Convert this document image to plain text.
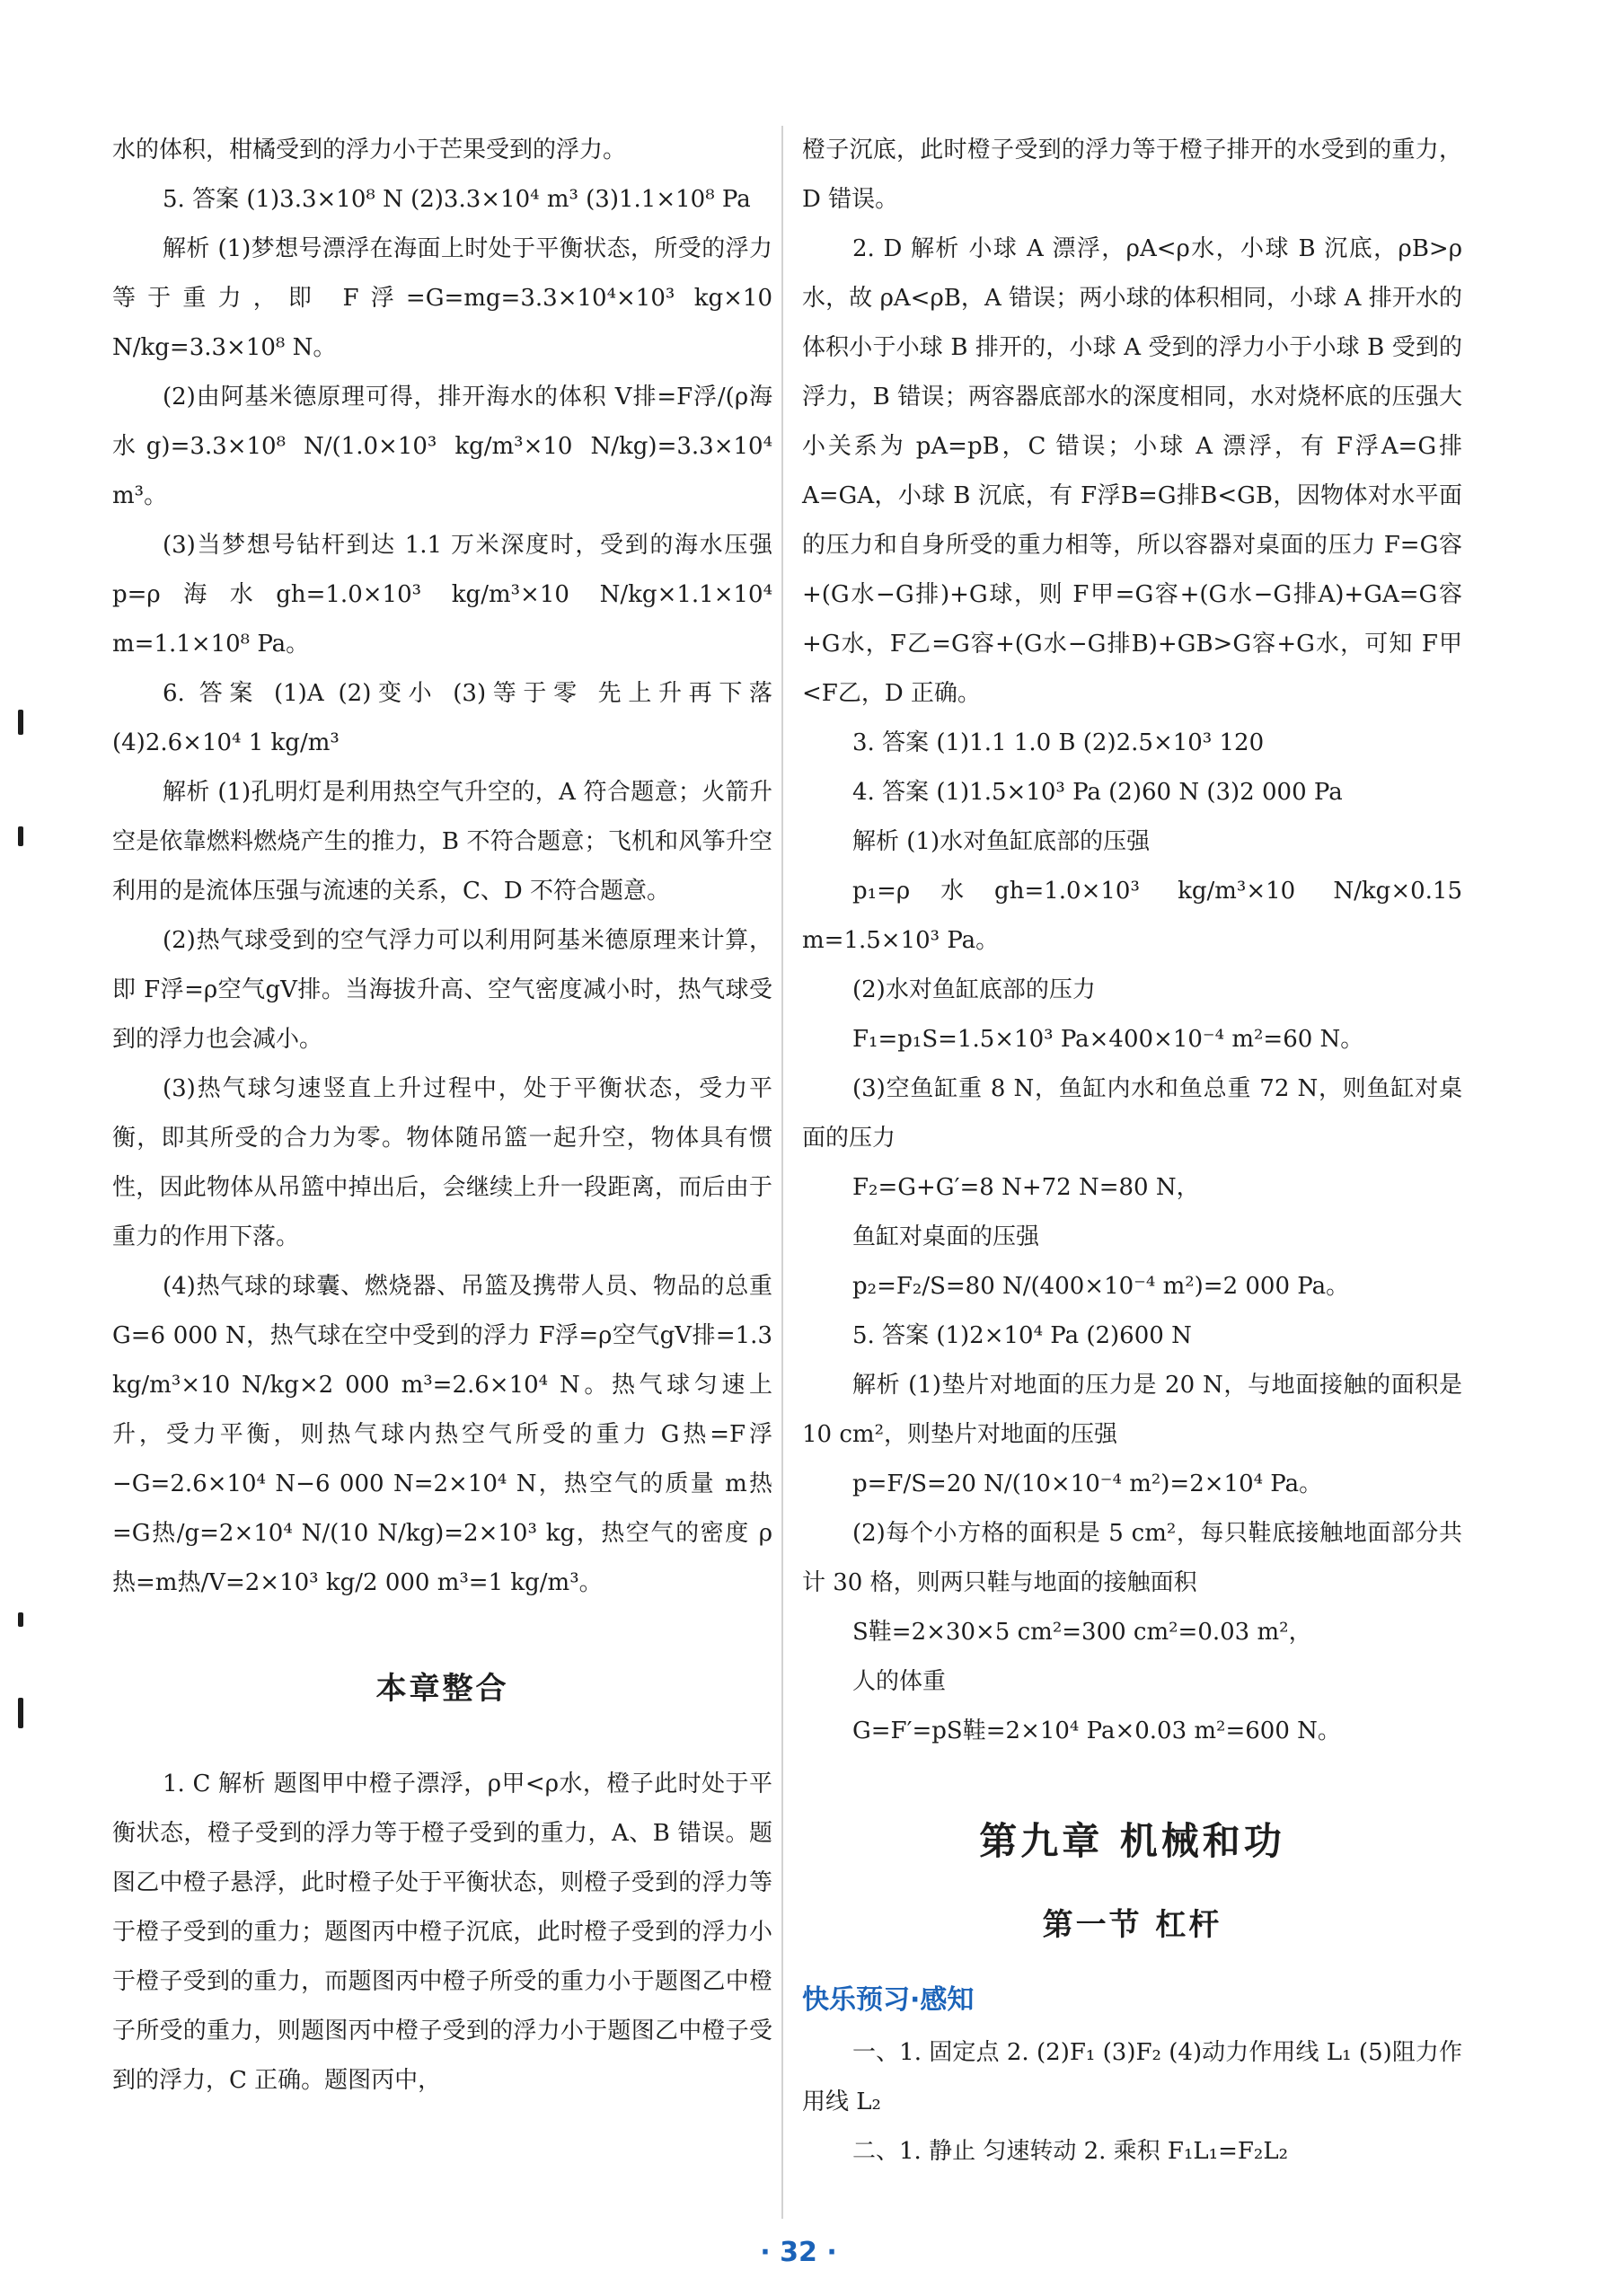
水的体积，柑橘受到的浮力小于芒果受到的浮力。

5. 答案 (1)3.3×10⁸ N (2)3.3×10⁴ m³ (3)1.1×10⁸ Pa

解析 (1)梦想号漂浮在海面上时处于平衡状态，所受的浮力等于重力，即 F浮=G=mg=3.3×10⁴×10³ kg×10 N/kg=3.3×10⁸ N。

(2)由阿基米德原理可得，排开海水的体积 V排=F浮/(ρ海水g)=3.3×10⁸ N/(1.0×10³ kg/m³×10 N/kg)=3.3×10⁴ m³。

(3)当梦想号钻杆到达 1.1 万米深度时，受到的海水压强 p=ρ海水gh=1.0×10³ kg/m³×10 N/kg×1.1×10⁴ m=1.1×10⁸ Pa。

6. 答案 (1)A (2)变小 (3)等于零 先上升再下落 (4)2.6×10⁴ 1 kg/m³

解析 (1)孔明灯是利用热空气升空的，A 符合题意；火箭升空是依靠燃料燃烧产生的推力，B 不符合题意；飞机和风筝升空利用的是流体压强与流速的关系，C、D 不符合题意。

(2)热气球受到的空气浮力可以利用阿基米德原理来计算，即 F浮=ρ空气gV排。当海拔升高、空气密度减小时，热气球受到的浮力也会减小。

(3)热气球匀速竖直上升过程中，处于平衡状态，受力平衡，即其所受的合力为零。物体随吊篮一起升空，物体具有惯性，因此物体从吊篮中掉出后，会继续上升一段距离，而后由于重力的作用下落。

(4)热气球的球囊、燃烧器、吊篮及携带人员、物品的总重 G=6 000 N，热气球在空中受到的浮力 F浮=ρ空气gV排=1.3 kg/m³×10 N/kg×2 000 m³=2.6×10⁴ N。热气球匀速上升，受力平衡，则热气球内热空气所受的重力 G热=F浮−G=2.6×10⁴ N−6 000 N=2×10⁴ N，热空气的质量 m热=G热/g=2×10⁴ N/(10 N/kg)=2×10³ kg，热空气的密度 ρ热=m热/V=2×10³ kg/2 000 m³=1 kg/m³。

本章整合

1. C 解析 题图甲中橙子漂浮，ρ甲<ρ水，橙子此时处于平衡状态，橙子受到的浮力等于橙子受到的重力，A、B 错误。题图乙中橙子悬浮，此时橙子处于平衡状态，则橙子受到的浮力等于橙子受到的重力；题图丙中橙子沉底，此时橙子受到的浮力小于橙子受到的重力，而题图丙中橙子所受的重力小于题图乙中橙子所受的重力，则题图丙中橙子受到的浮力小于题图乙中橙子受到的浮力，C 正确。题图丙中，

橙子沉底，此时橙子受到的浮力等于橙子排开的水受到的重力，D 错误。

2. D 解析 小球 A 漂浮，ρA<ρ水，小球 B 沉底，ρB>ρ水，故 ρA<ρB，A 错误；两小球的体积相同，小球 A 排开水的体积小于小球 B 排开的，小球 A 受到的浮力小于小球 B 受到的浮力，B 错误；两容器底部水的深度相同，水对烧杯底的压强大小关系为 pA=pB，C 错误；小球 A 漂浮，有 F浮A=G排A=GA，小球 B 沉底，有 F浮B=G排B<GB，因物体对水平面的压力和自身所受的重力相等，所以容器对桌面的压力 F=G容+(G水−G排)+G球，则 F甲=G容+(G水−G排A)+GA=G容+G水，F乙=G容+(G水−G排B)+GB>G容+G水，可知 F甲<F乙，D 正确。

3. 答案 (1)1.1 1.0 B (2)2.5×10³ 120

4. 答案 (1)1.5×10³ Pa (2)60 N (3)2 000 Pa

解析 (1)水对鱼缸底部的压强

p₁=ρ水gh=1.0×10³ kg/m³×10 N/kg×0.15 m=1.5×10³ Pa。

(2)水对鱼缸底部的压力

F₁=p₁S=1.5×10³ Pa×400×10⁻⁴ m²=60 N。

(3)空鱼缸重 8 N，鱼缸内水和鱼总重 72 N，则鱼缸对桌面的压力

F₂=G+G′=8 N+72 N=80 N，

鱼缸对桌面的压强

p₂=F₂/S=80 N/(400×10⁻⁴ m²)=2 000 Pa。

5. 答案 (1)2×10⁴ Pa (2)600 N

解析 (1)垫片对地面的压力是 20 N，与地面接触的面积是 10 cm²，则垫片对地面的压强

p=F/S=20 N/(10×10⁻⁴ m²)=2×10⁴ Pa。

(2)每个小方格的面积是 5 cm²，每只鞋底接触地面部分共计 30 格，则两只鞋与地面的接触面积

S鞋=2×30×5 cm²=300 cm²=0.03 m²，

人的体重

G=F′=pS鞋=2×10⁴ Pa×0.03 m²=600 N。

第九章 机械和功
第一节 杠杆
快乐预习·感知

一、1. 固定点 2. (2)F₁ (3)F₂ (4)动力作用线 L₁ (5)阻力作用线 L₂

二、1. 静止 匀速转动 2. 乘积 F₁L₁=F₂L₂

· 32 ·
